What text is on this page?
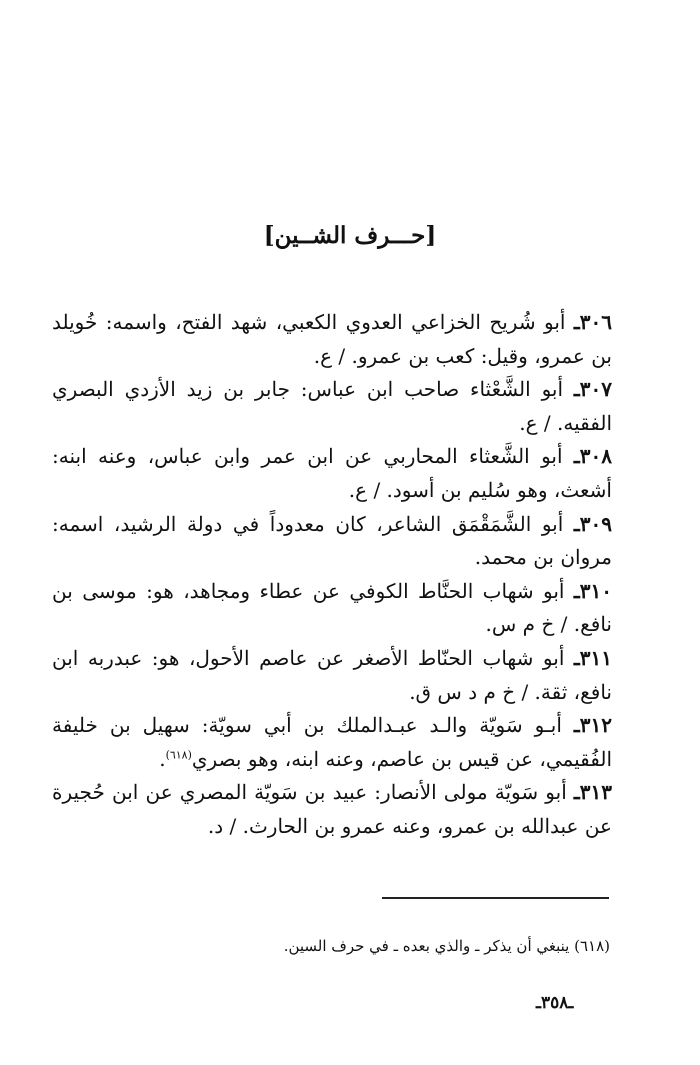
[حـــرف الشــين]

٣٠٦ـ أبو شُريح الخزاعي العدوي الكعبي، شهد الفتح، واسمه: خُويلد بن عمرو، وقيل: كعب بن عمرو. / ع.

٣٠٧ـ أبو الشَّعْثاء صاحب ابن عباس: جابر بن زيد الأزدي البصري الفقيه. / ع.

٣٠٨ـ أبو الشَّعثاء المحاربي عن ابن عمر وابن عباس، وعنه ابنه: أشعث، وهو سُليم بن أسود. / ع.

٣٠٩ـ أبو الشَّمَقْمَق الشاعر، كان معدوداً في دولة الرشيد، اسمه: مروان بن محمد.

٣١٠ـ أبو شهاب الحنَّاط الكوفي عن عطاء ومجاهد، هو: موسى بن نافع. / خ م س.

٣١١ـ أبو شهاب الحنّاط الأصغر عن عاصم الأحول، هو: عبدربه ابن نافع، ثقة. / خ م د س ق.

٣١٢ـ أبـو سَويّة والـد عبـدالملك بن أبي سويّة: سهيل بن خليفة الفُقيمي، عن قيس بن عاصم، وعنه ابنه، وهو بصري$^{(٦١٨)}$.

٣١٣ـ أبو سَويّة مولى الأنصار: عبيد بن سَويّة المصري عن ابن حُجيرة عن عبدالله بن عمرو، وعنه عمرو بن الحارث. / د.

(٦١٨) ينبغي أن يذكر ـ والذي بعده ـ في حرف السين.
ـ٣٥٨ـ
